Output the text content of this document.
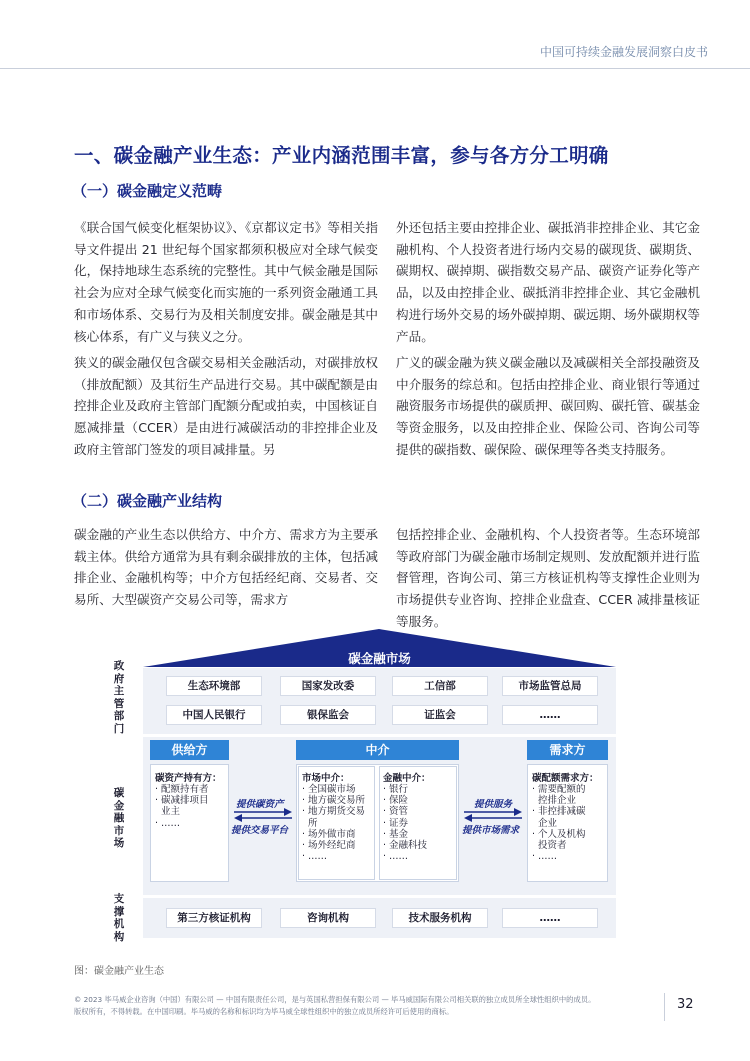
中国可持续金融发展洞察白皮书
一、碳金融产业生态：产业内涵范围丰富，参与各方分工明确
（一）碳金融定义范畴
《联合国气候变化框架协议》、《京都议定书》等相关指导文件提出 21 世纪每个国家都须积极应对全球气候变化，保持地球生态系统的完整性。其中气候金融是国际社会为应对全球气候变化而实施的一系列资金融通工具和市场体系、交易行为及相关制度安排。碳金融是其中核心体系，有广义与狭义之分。
狭义的碳金融仅包含碳交易相关金融活动，对碳排放权（排放配额）及其衍生产品进行交易。其中碳配额是由控排企业及政府主管部门配额分配或拍卖，中国核证自愿减排量（CCER）是由进行减碳活动的非控排企业及政府主管部门签发的项目减排量。另
外还包括主要由控排企业、碳抵消非控排企业、其它金融机构、个人投资者进行场内交易的碳现货、碳期货、碳期权、碳掉期、碳指数交易产品、碳资产证券化等产品，以及由控排企业、碳抵消非控排企业、其它金融机构进行场外交易的场外碳掉期、碳远期、场外碳期权等产品。
广义的碳金融为狭义碳金融以及减碳相关全部投融资及中介服务的综总和。包括由控排企业、商业银行等通过融资服务市场提供的碳质押、碳回购、碳托管、碳基金等资金服务，以及由控排企业、保险公司、咨询公司等提供的碳指数、碳保险、碳保理等各类支持服务。
（二）碳金融产业结构
碳金融的产业生态以供给方、中介方、需求方为主要承载主体。供给方通常为具有剩余碳排放的主体，包括减排企业、金融机构等；中介方包括经纪商、交易者、交易所、大型碳资产交易公司等，需求方
包括控排企业、金融机构、个人投资者等。生态环境部等政府部门为碳金融市场制定规则、发放配额并进行监督管理，咨询公司、第三方核证机构等支撑性企业则为市场提供专业咨询、控排企业盘查、CCER 减排量核证等服务。
碳金融市场
政府主管部门
生态环境部	国家发改委	工信部	市场监管总局
中国人民银行	银保监会	证监会	……
碳金融市场
供给方
碳资产持有方：
· 配额持有者
· 碳减排项目
业主
· ……
中介
市场中介：
· 全国碳市场
· 地方碳交易所
· 地方期货交易
所
· 场外做市商
· 场外经纪商
· ……
金融中介：
· 银行
· 保险
· 资管
· 证券
· 基金
· 金融科技
· ……
需求方
碳配额需求方：
· 需要配额的
控排企业
· 非控排减碳
企业
· 个人及机构
投资者
· ……
提供碳资产
提供交易平台
提供服务
提供市场需求
支撑机构
第三方核证机构	咨询机构	技术服务机构	……
图：碳金融产业生态
© 2023 毕马威企业咨询（中国）有限公司 — 中国有限责任公司，是与英国私营担保有限公司 — 毕马威国际有限公司相关联的独立成员所全球性组织中的成员。
版权所有，不得转载。在中国印刷。毕马威的名称和标识均为毕马威全球性组织中的独立成员所经许可后使用的商标。	32
